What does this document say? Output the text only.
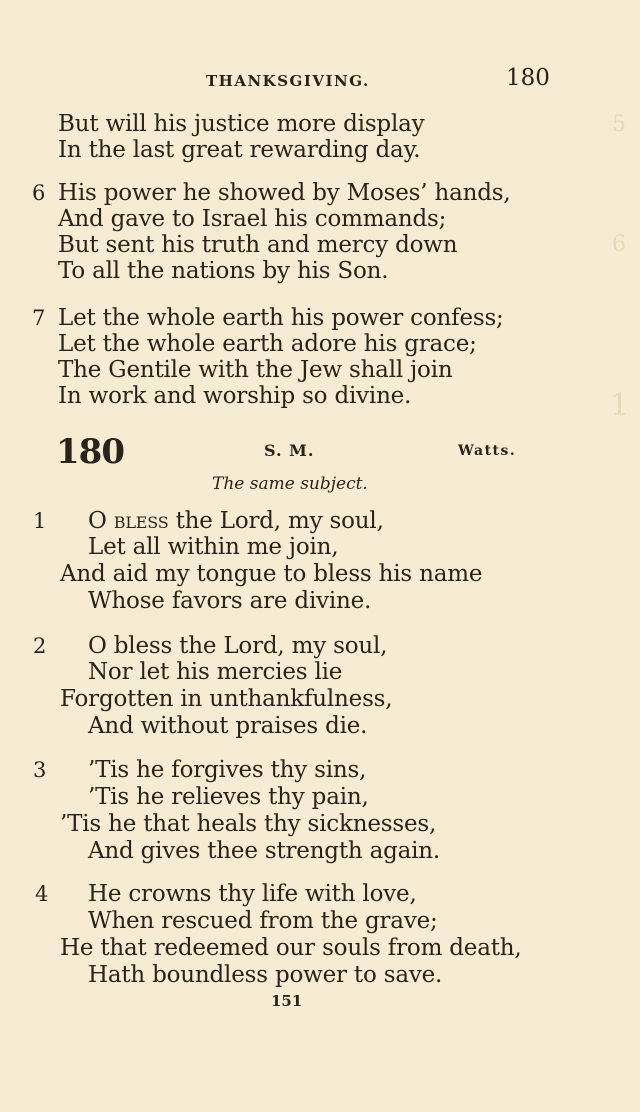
5
6
1
THANKSGIVING.	180
But will his justice more display
In the last great rewarding day.
6 His power he showed by Moses’ hands,
And gave to Israel his commands;
But sent his truth and mercy down
To all the nations by his Son.
7 Let the whole earth his power confess;
Let the whole earth adore his grace;
The Gentile with the Jew shall join
In work and worship so divine.
180	S. M.	Watts.
The same subject.
1 O bless the Lord, my soul,
Let all within me join,
And aid my tongue to bless his name
Whose favors are divine.
2 O bless the Lord, my soul,
Nor let his mercies lie
Forgotten in unthankfulness,
And without praises die.
3 ’Tis he forgives thy sins,
’Tis he relieves thy pain,
’Tis he that heals thy sicknesses,
And gives thee strength again.
4 He crowns thy life with love,
When rescued from the grave;
He that redeemed our souls from death,
Hath boundless power to save.
151
